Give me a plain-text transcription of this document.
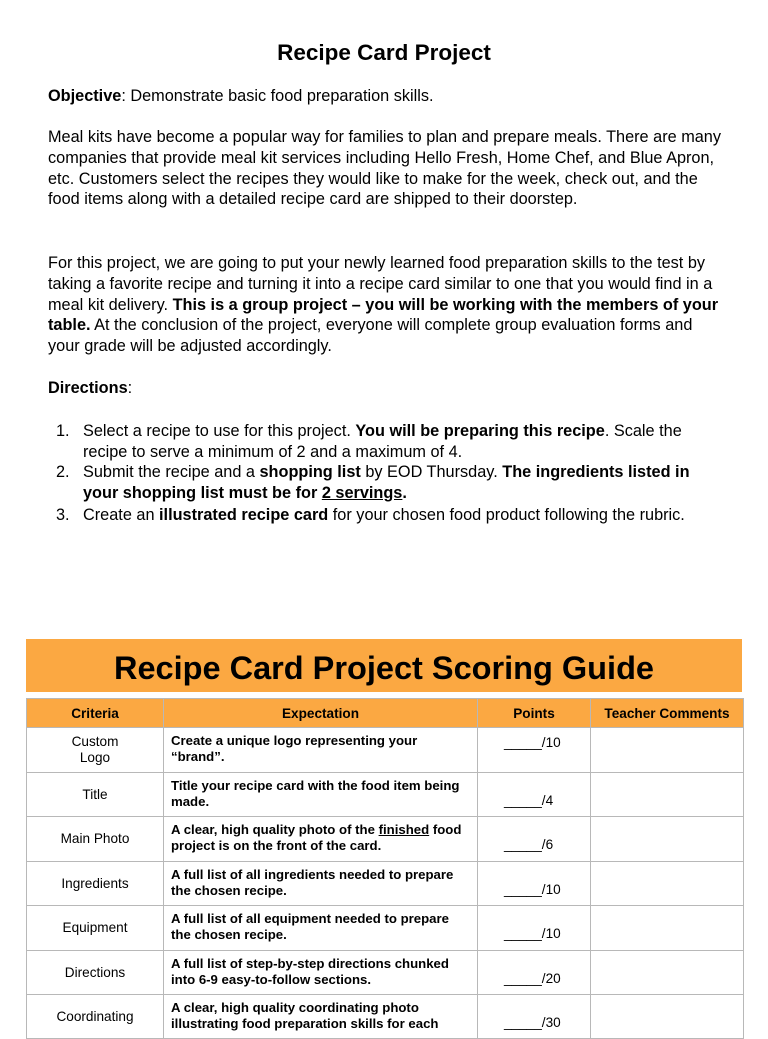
Recipe Card Project

Objective: Demonstrate basic food preparation skills.

Meal kits have become a popular way for families to plan and prepare meals. There are many companies that provide meal kit services including Hello Fresh, Home Chef, and Blue Apron, etc. Customers select the recipes they would like to make for the week, check out, and the food items along with a detailed recipe card are shipped to their doorstep.

For this project, we are going to put your newly learned food preparation skills to the test by taking a favorite recipe and turning it into a recipe card similar to one that you would find in a meal kit delivery. This is a group project – you will be working with the members of your table. At the conclusion of the project, everyone will complete group evaluation forms and your grade will be adjusted accordingly.

Directions:

1. Select a recipe to use for this project. You will be preparing this recipe. Scale the recipe to serve a minimum of 2 and a maximum of 4.
2. Submit the recipe and a shopping list by EOD Thursday. The ingredients listed in your shopping list must be for 2 servings.
3. Create an illustrated recipe card for your chosen food product following the rubric.
Recipe Card Project Scoring Guide
Criteria	Expectation	Points	Teacher Comments
Custom
Logo	Create a unique logo representing your “brand”.	_____/10	

Title	Title your recipe card with the food item being made.	_____/4	

Main Photo	A clear, high quality photo of the finished food project is on the front of the card.	_____/6	

Ingredients	A full list of all ingredients needed to prepare the chosen recipe.	_____/10	

Equipment	A full list of all equipment needed to prepare the chosen recipe.	_____/10	

Directions	A full list of step-by-step directions chunked into 6-9 easy-to-follow sections.	_____/20	

Coordinating	A clear, high quality coordinating photo illustrating food preparation skills for each	_____/30	
